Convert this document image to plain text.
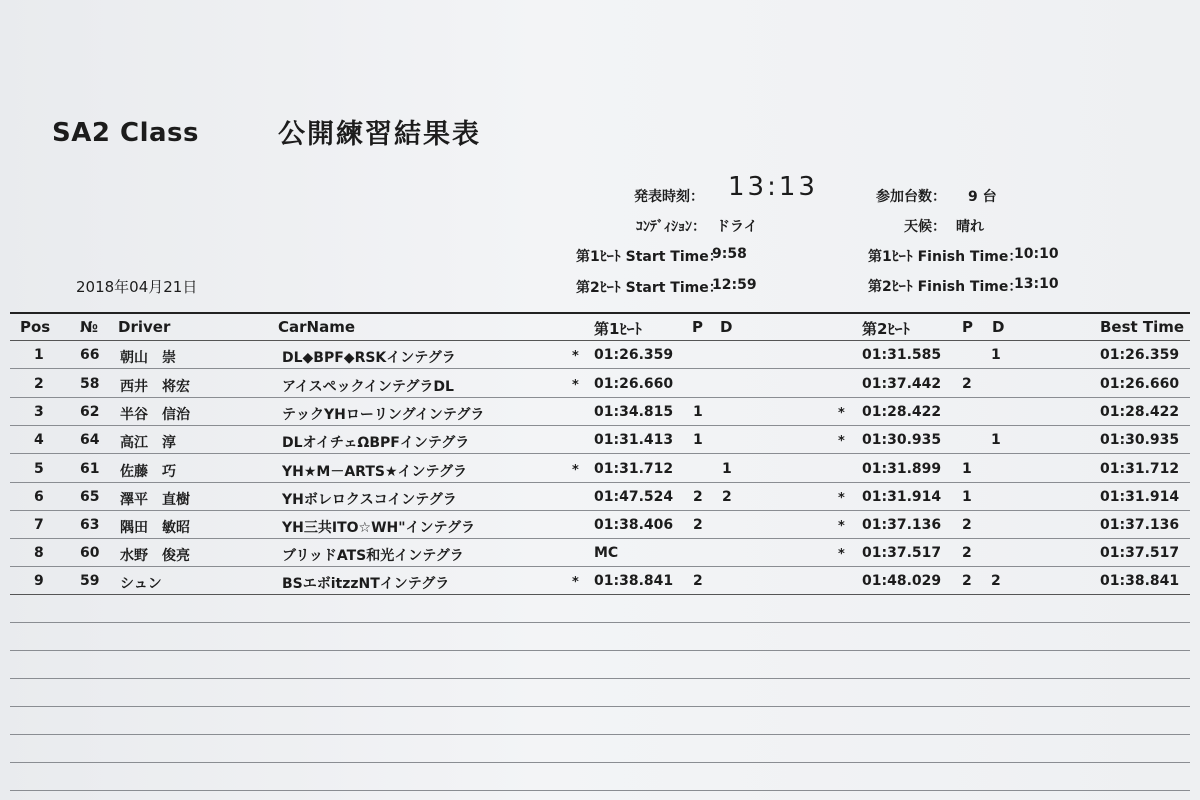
SA2 Class	公開練習結果表
発表時刻： 13:13	参加台数： 9 台
ｺﾝﾃﾞｨｼｮﾝ： ドライ	天候： 晴れ
第1ﾋｰﾄ Start Time：
9:58	第1ﾋｰﾄ Finish Time：
10:10
第2ﾋｰﾄ Start Time：
12:59	第2ﾋｰﾄ Finish Time：
13:10
2018年04月21日
Pos № Driver	CarName	第1ﾋｰﾄ	P D	第2ﾋｰﾄ	P D	Best Time
1	66 朝山　崇	DL◆BPF◆RSKインテグラ	* 01:26.359	01:31.585	1	01:26.359
2	58 西井　将宏	アイスペックインテグラDL	* 01:26.660	01:37.442 2	01:26.660
3	62 半谷　信治	テックYHローリングインテグラ	01:34.815 1	* 01:28.422	01:28.422
4	64 高江　淳	DLオイチェΩBPFインテグラ	01:31.413 1	* 01:30.935	1	01:30.935
5	61 佐藤　巧	YH★M－ARTS★インテグラ	* 01:31.712	1	01:31.899 1	01:31.712
6	65 澤平　直樹	YHボレロクスコインテグラ	01:47.524 2 2	* 01:31.914 1	01:31.914
7	63 隅田　敏昭	YH三共ITO☆WH"インテグラ	01:38.406 2	* 01:37.136 2	01:37.136
8	60 水野　俊亮	ブリッドATS和光インテグラ	MC	* 01:37.517 2	01:37.517
9	59 シュン	BSエボitzzNTインテグラ	* 01:38.841 2	01:48.029 2 2	01:38.841
